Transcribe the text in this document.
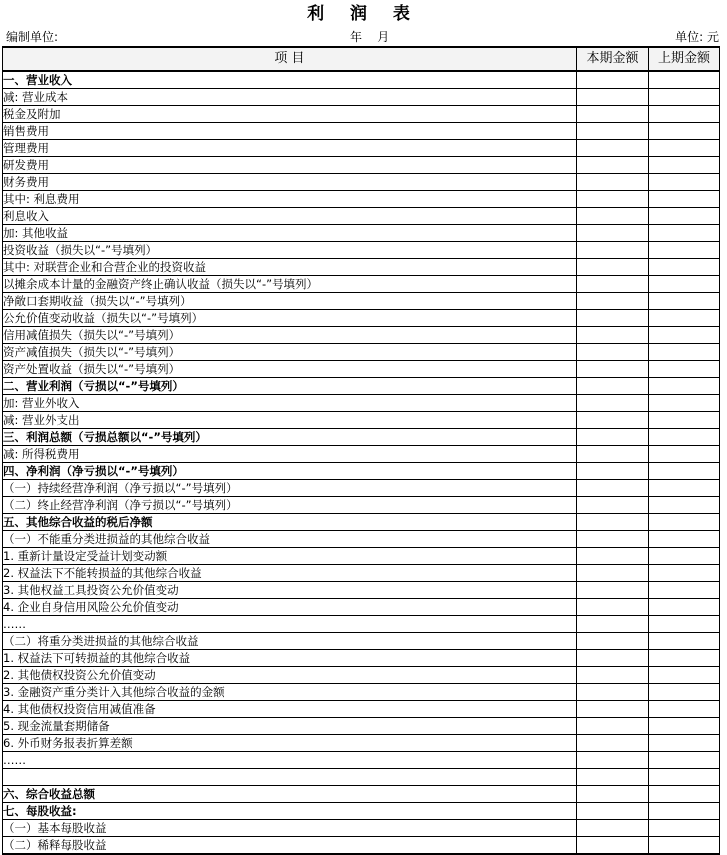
利 润 表
编制单位:	年    月	单位: 元
项 目	本期金额	上期金额
一、营业收入		
减: 营业成本		
税金及附加		
销售费用		
管理费用		
研发费用		
财务费用		
其中: 利息费用		
利息收入		
加: 其他收益		
投资收益（损失以“-”号填列）		
其中: 对联营企业和合营企业的投资收益		
以摊余成本计量的金融资产终止确认收益（损失以“-”号填列）		
净敞口套期收益（损失以“-”号填列）		
公允价值变动收益（损失以“-”号填列）		
信用减值损失（损失以“-”号填列）		
资产减值损失（损失以“-”号填列）		
资产处置收益（损失以“-”号填列）		
二、营业利润（亏损以“-”号填列）		
加: 营业外收入		
减: 营业外支出		
三、利润总额（亏损总额以“-”号填列）		
减: 所得税费用		
四、净利润（净亏损以“-”号填列）		
（一）持续经营净利润（净亏损以“-”号填列）		
（二）终止经营净利润（净亏损以“-”号填列）		
五、其他综合收益的税后净额		
（一）不能重分类进损益的其他综合收益		
1. 重新计量设定受益计划变动额		
2. 权益法下不能转损益的其他综合收益		
3. 其他权益工具投资公允价值变动		
4. 企业自身信用风险公允价值变动		
……		
（二）将重分类进损益的其他综合收益		
1. 权益法下可转损益的其他综合收益		
2. 其他债权投资公允价值变动		
3. 金融资产重分类计入其他综合收益的金额		
4. 其他债权投资信用减值准备		
5. 现金流量套期储备		
6. 外币财务报表折算差额		
……		

六、综合收益总额		
七、每股收益:		
（一）基本每股收益		
（二）稀释每股收益		
